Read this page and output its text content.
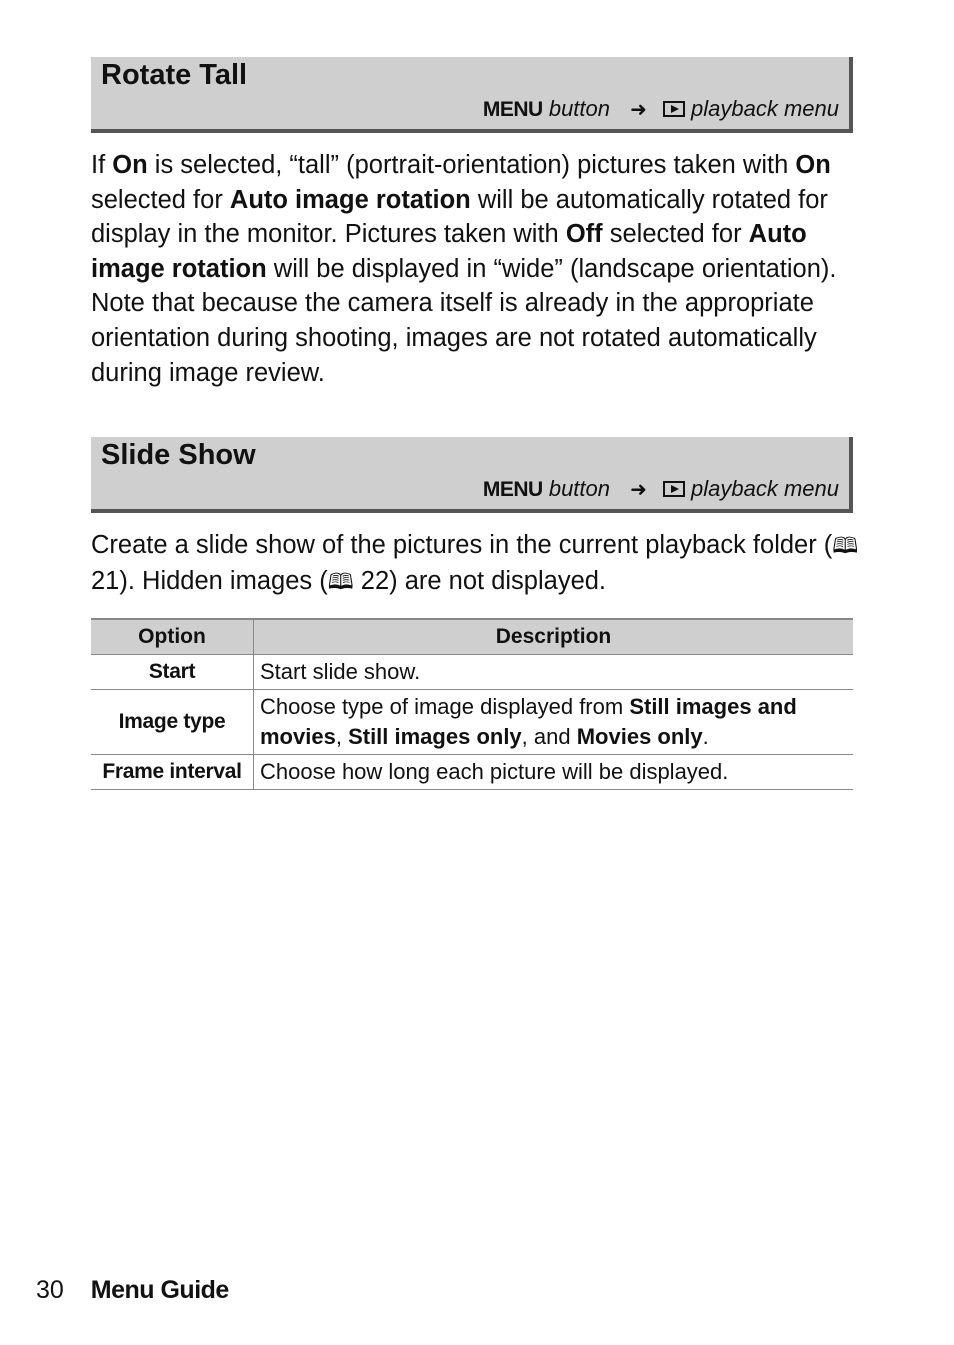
Rotate Tall
MENU button ➜ playback menu

If On is selected, “tall” (portrait-orientation) pictures taken with On selected for Auto image rotation will be automatically rotated for display in the monitor. Pictures taken with Off selected for Auto image rotation will be displayed in “wide” (landscape orientation). Note that because the camera itself is already in the appropriate orientation during shooting, images are not rotated automatically during image review.

Slide Show
MENU button ➜ playback menu

Create a slide show of the pictures in the current playback folder (🕮 21). Hidden images (🕮 22) are not displayed.

Option	Description
Start	Start slide show.
Image type	Choose type of image displayed from Still images and movies, Still images only, and Movies only.
Frame interval	Choose how long each picture will be displayed.
30 Menu Guide
